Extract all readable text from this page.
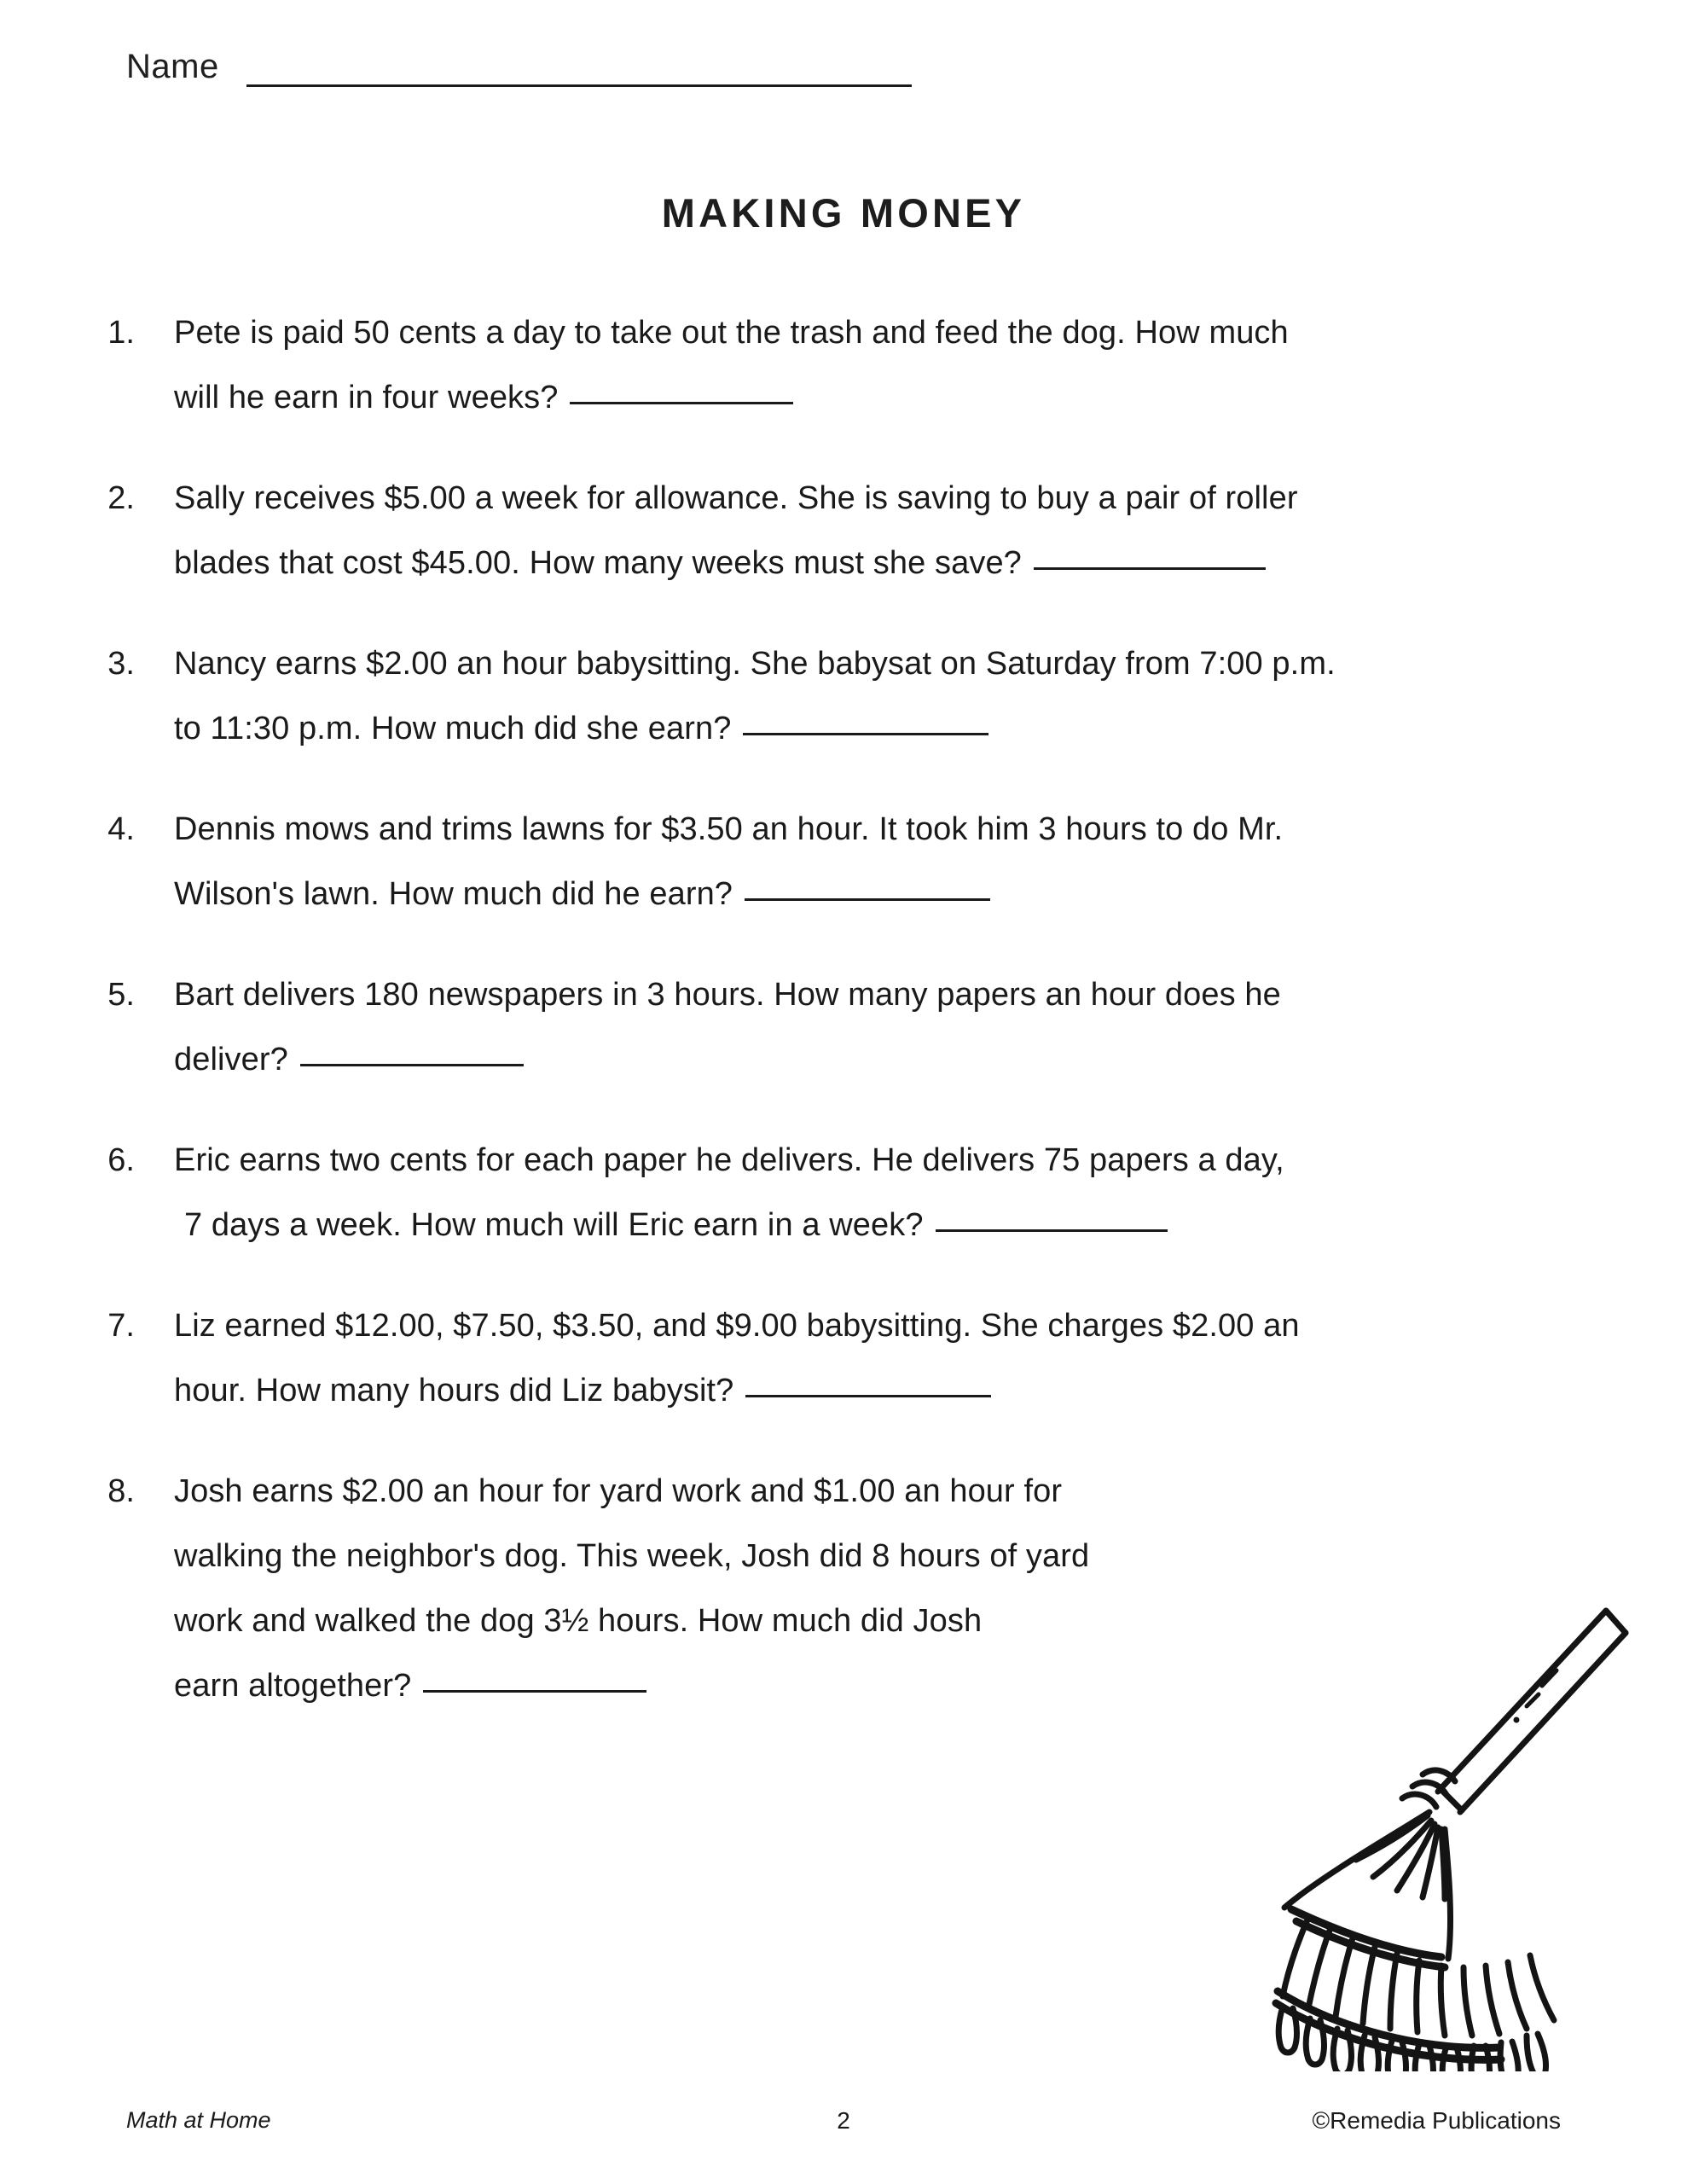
Name
MAKING MONEY
1. Pete is paid 50 cents a day to take out the trash and feed the dog. How much
will he earn in four weeks?
2. Sally receives $5.00 a week for allowance. She is saving to buy a pair of roller
blades that cost $45.00. How many weeks must she save?
3. Nancy earns $2.00 an hour babysitting. She babysat on Saturday from 7:00 p.m.
to 11:30 p.m. How much did she earn?
4. Dennis mows and trims lawns for $3.50 an hour. It took him 3 hours to do Mr.
Wilson's lawn. How much did he earn?
5. Bart delivers 180 newspapers in 3 hours. How many papers an hour does he
deliver?
6. Eric earns two cents for each paper he delivers. He delivers 75 papers a day,
7 days a week. How much will Eric earn in a week?
7. Liz earned $12.00, $7.50, $3.50, and $9.00 babysitting. She charges $2.00 an
hour. How many hours did Liz babysit?
8. Josh earns $2.00 an hour for yard work and $1.00 an hour for
walking the neighbor's dog. This week, Josh did 8 hours of yard
work and walked the dog 3½ hours. How much did Josh
earn altogether?
Math at Home	2	©Remedia Publications
